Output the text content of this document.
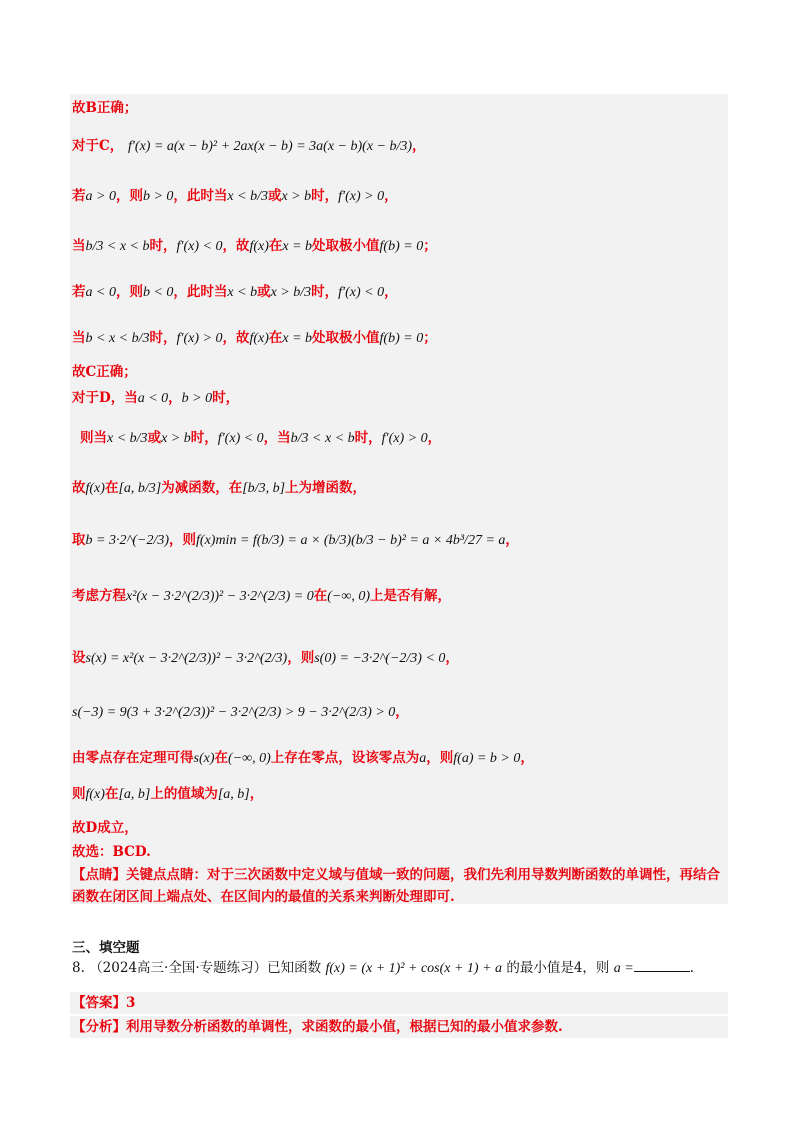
故B正确；
对于C， f′(x) = a(x − b)² + 2ax(x − b) = 3a(x − b)(x − b/3)，
若a > 0，则b > 0，此时当x < b/3或x > b时，f′(x) > 0，
当b/3 < x < b时，f′(x) < 0，故f(x)在x = b处取极小值f(b) = 0；
若a < 0，则b < 0，此时当x < b或x > b/3时，f′(x) < 0，
当b < x < b/3时，f′(x) > 0，故f(x)在x = b处取极小值f(b) = 0；
故C正确；
对于D，当a < 0，b > 0时，
则当x < b/3或x > b时，f′(x) < 0，当b/3 < x < b时，f′(x) > 0，
故f(x)在[a, b/3]为减函数，在[b/3, b]上为增函数，
取b = 3·2^(−2/3)，则f(x)min = f(b/3) = a × (b/3)(b/3 − b)² = a × 4b³/27 = a，
考虑方程x²(x − 3·2^(2/3))² − 3·2^(2/3) = 0在(−∞, 0)上是否有解，
设s(x) = x²(x − 3·2^(2/3))² − 3·2^(2/3)，则s(0) = −3·2^(−2/3) < 0，
s(−3) = 9(3 + 3·2^(2/3))² − 3·2^(2/3) > 9 − 3·2^(2/3) > 0，
由零点存在定理可得s(x)在(−∞, 0)上存在零点，设该零点为a，则f(a) = b > 0，
则f(x)在[a, b]上的值域为[a, b]，
故D成立，
故选：BCD.
【点睛】关键点点睛：对于三次函数中定义域与值域一致的问题，我们先利用导数判断函数的单调性，再结合函数在闭区间上端点处、在区间内的最值的关系来判断处理即可.
三、填空题
8. （2024高三·全国·专题练习）已知函数 f(x) = (x + 1)² + cos(x + 1) + a 的最小值是4，则 a =	.
【答案】3
【分析】利用导数分析函数的单调性，求函数的最小值，根据已知的最小值求参数.
